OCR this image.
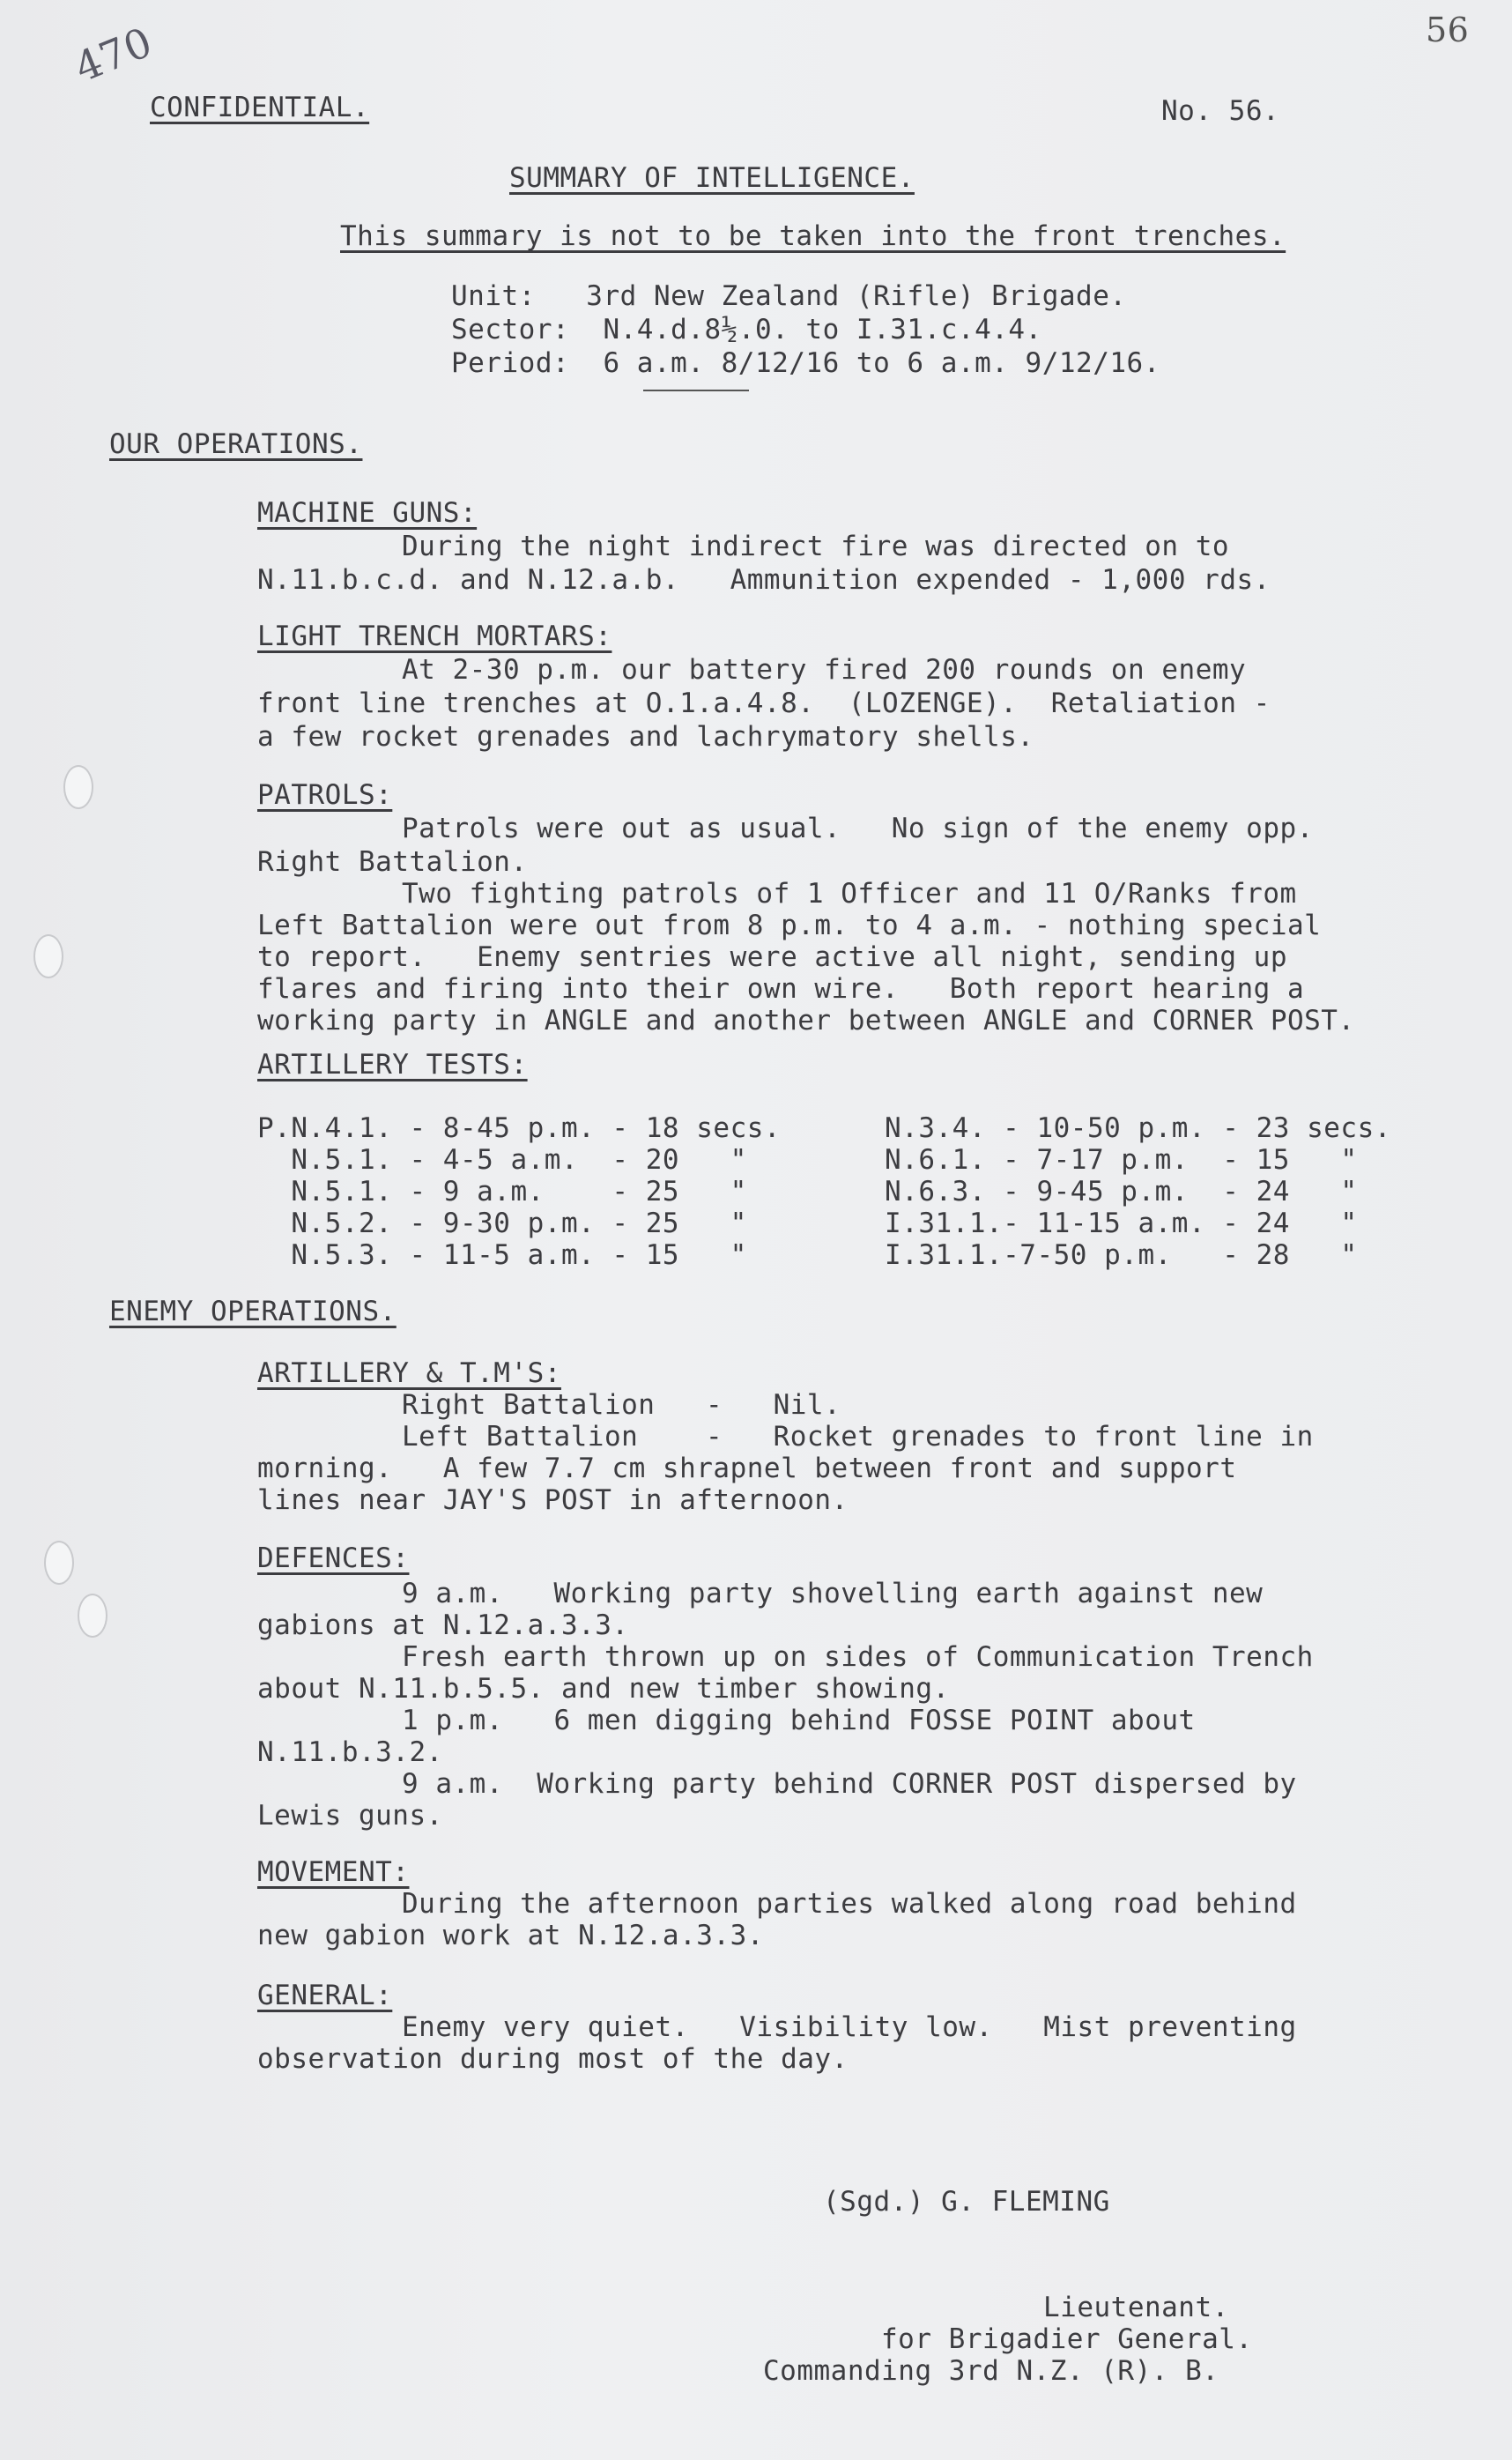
470	56
CONFIDENTIAL.	No. 56.
SUMMARY OF INTELLIGENCE.
This summary is not to be taken into the front trenches.
Unit:   3rd New Zealand (Rifle) Brigade.
Sector:  N.4.d.8½.0. to I.31.c.4.4.
Period:  6 a.m. 8/12/16 to 6 a.m. 9/12/16.
OUR OPERATIONS.
MACHINE GUNS:
During the night indirect fire was directed on to
N.11.b.c.d. and N.12.a.b.   Ammunition expended - 1,000 rds.
LIGHT TRENCH MORTARS:
At 2-30 p.m. our battery fired 200 rounds on enemy
front line trenches at O.1.a.4.8.  (LOZENGE).  Retaliation -
a few rocket grenades and lachrymatory shells.
PATROLS:
Patrols were out as usual.   No sign of the enemy opp.
Right Battalion.
Two fighting patrols of 1 Officer and 11 O/Ranks from
Left Battalion were out from 8 p.m. to 4 a.m. - nothing special
to report.   Enemy sentries were active all night, sending up
flares and firing into their own wire.   Both report hearing a
working party in ANGLE and another between ANGLE and CORNER POST.
ARTILLERY TESTS:
P.N.4.1. - 8-45 p.m. - 18 secs.
N.5.1. - 4-5 a.m.  - 20   "
N.5.1. - 9 a.m.    - 25   "
N.5.2. - 9-30 p.m. - 25   "
N.5.3. - 11-5 a.m. - 15   "
N.3.4. - 10-50 p.m. - 23 secs.
N.6.1. - 7-17 p.m.  - 15   "
N.6.3. - 9-45 p.m.  - 24   "
I.31.1.- 11-15 a.m. - 24   "
I.31.1.-7-50 p.m.   - 28   "
ENEMY OPERATIONS.
ARTILLERY & T.M'S:
Right Battalion   -   Nil.
Left Battalion    -   Rocket grenades to front line in
morning.   A few 7.7 cm shrapnel between front and support
lines near JAY'S POST in afternoon.
DEFENCES:
9 a.m.   Working party shovelling earth against new
gabions at N.12.a.3.3.
Fresh earth thrown up on sides of Communication Trench
about N.11.b.5.5. and new timber showing.
1 p.m.   6 men digging behind FOSSE POINT about
N.11.b.3.2.
9 a.m.  Working party behind CORNER POST dispersed by
Lewis guns.
MOVEMENT:
During the afternoon parties walked along road behind
new gabion work at N.12.a.3.3.
GENERAL:
Enemy very quiet.   Visibility low.   Mist preventing
observation during most of the day.
(Sgd.) G. FLEMING
Lieutenant.
for Brigadier General.
Commanding 3rd N.Z. (R). B.
